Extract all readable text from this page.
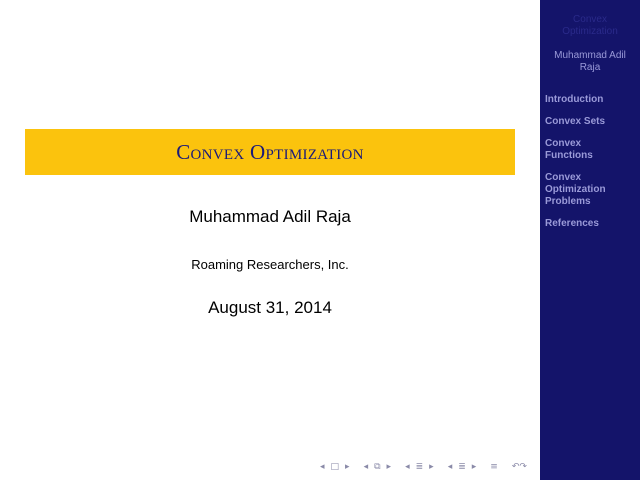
Convex Optimization
Muhammad Adil Raja
Roaming Researchers, Inc.
August 31, 2014
◂ □ ▸ ◂ ⧉ ▸ ◂ ≣ ▸ ◂ ≣ ▸ ≡ ↶↷
Convex
Optimization
Muhammad Adil
Raja
Introduction
Convex Sets
Convex
Functions
Convex
Optimization
Problems
References
